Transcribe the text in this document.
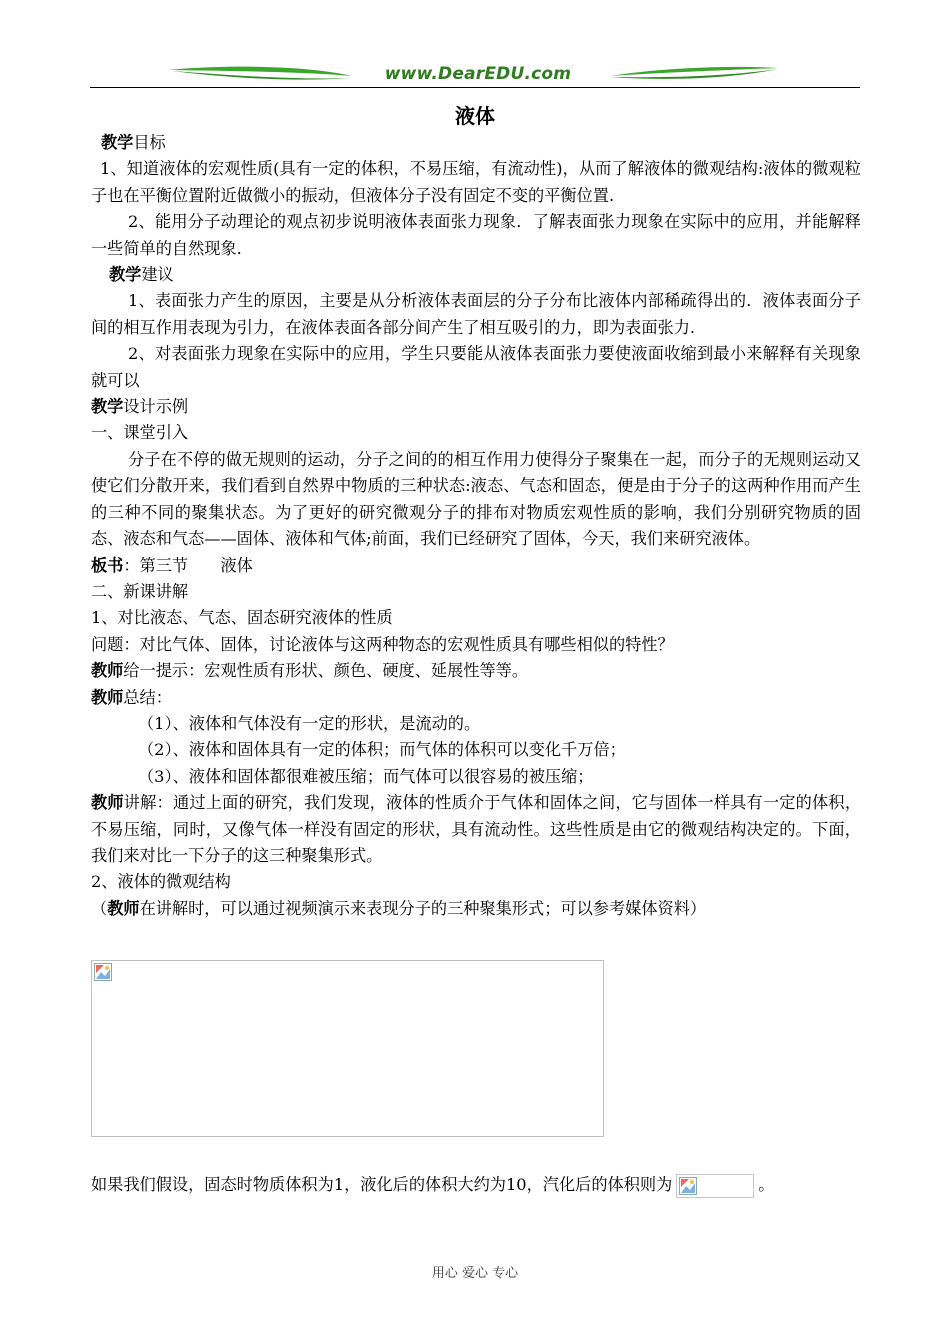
www.DearEDU.com
液体

教学目标

1、知道液体的宏观性质(具有一定的体积，不易压缩，有流动性)，从而了解液体的微观结构:液体的微观粒子也在平衡位置附近做微小的振动，但液体分子没有固定不变的平衡位置.

2、能用分子动理论的观点初步说明液体表面张力现象．了解表面张力现象在实际中的应用，并能解释一些简单的自然现象.

教学建议

1、表面张力产生的原因，主要是从分析液体表面层的分子分布比液体内部稀疏得出的．液体表面分子间的相互作用表现为引力，在液体表面各部分间产生了相互吸引的力，即为表面张力.

2、对表面张力现象在实际中的应用，学生只要能从液体表面张力要使液面收缩到最小来解释有关现象就可以

教学设计示例

一、课堂引入

分子在不停的做无规则的运动，分子之间的的相互作用力使得分子聚集在一起，而分子的无规则运动又使它们分散开来，我们看到自然界中物质的三种状态:液态、气态和固态，便是由于分子的这两种作用而产生的三种不同的聚集状态。为了更好的研究微观分子的排布对物质宏观性质的影响，我们分别研究物质的固态、液态和气态——固体、液体和气体;前面，我们已经研究了固体，今天，我们来研究液体。

板书：第三节　　液体

二、新课讲解

1、对比液态、气态、固态研究液体的性质

问题：对比气体、固体，讨论液体与这两种物态的宏观性质具有哪些相似的特性？

教师给一提示：宏观性质有形状、颜色、硬度、延展性等等。

教师总结：

（1）、液体和气体没有一定的形状，是流动的。

（2）、液体和固体具有一定的体积；而气体的体积可以变化千万倍；

（3）、液体和固体都很难被压缩；而气体可以很容易的被压缩；

教师讲解：通过上面的研究，我们发现，液体的性质介于气体和固体之间，它与固体一样具有一定的体积，不易压缩，同时，又像气体一样没有固定的形状，具有流动性。这些性质是由它的微观结构决定的。下面，我们来对比一下分子的这三种聚集形式。

2、液体的微观结构

（教师在讲解时，可以通过视频演示来表现分子的三种聚集形式；可以参考媒体资料）

如果我们假设，固态时物质体积为1，液化后的体积大约为10，汽化后的体积则为	。
用心 爱心 专心
